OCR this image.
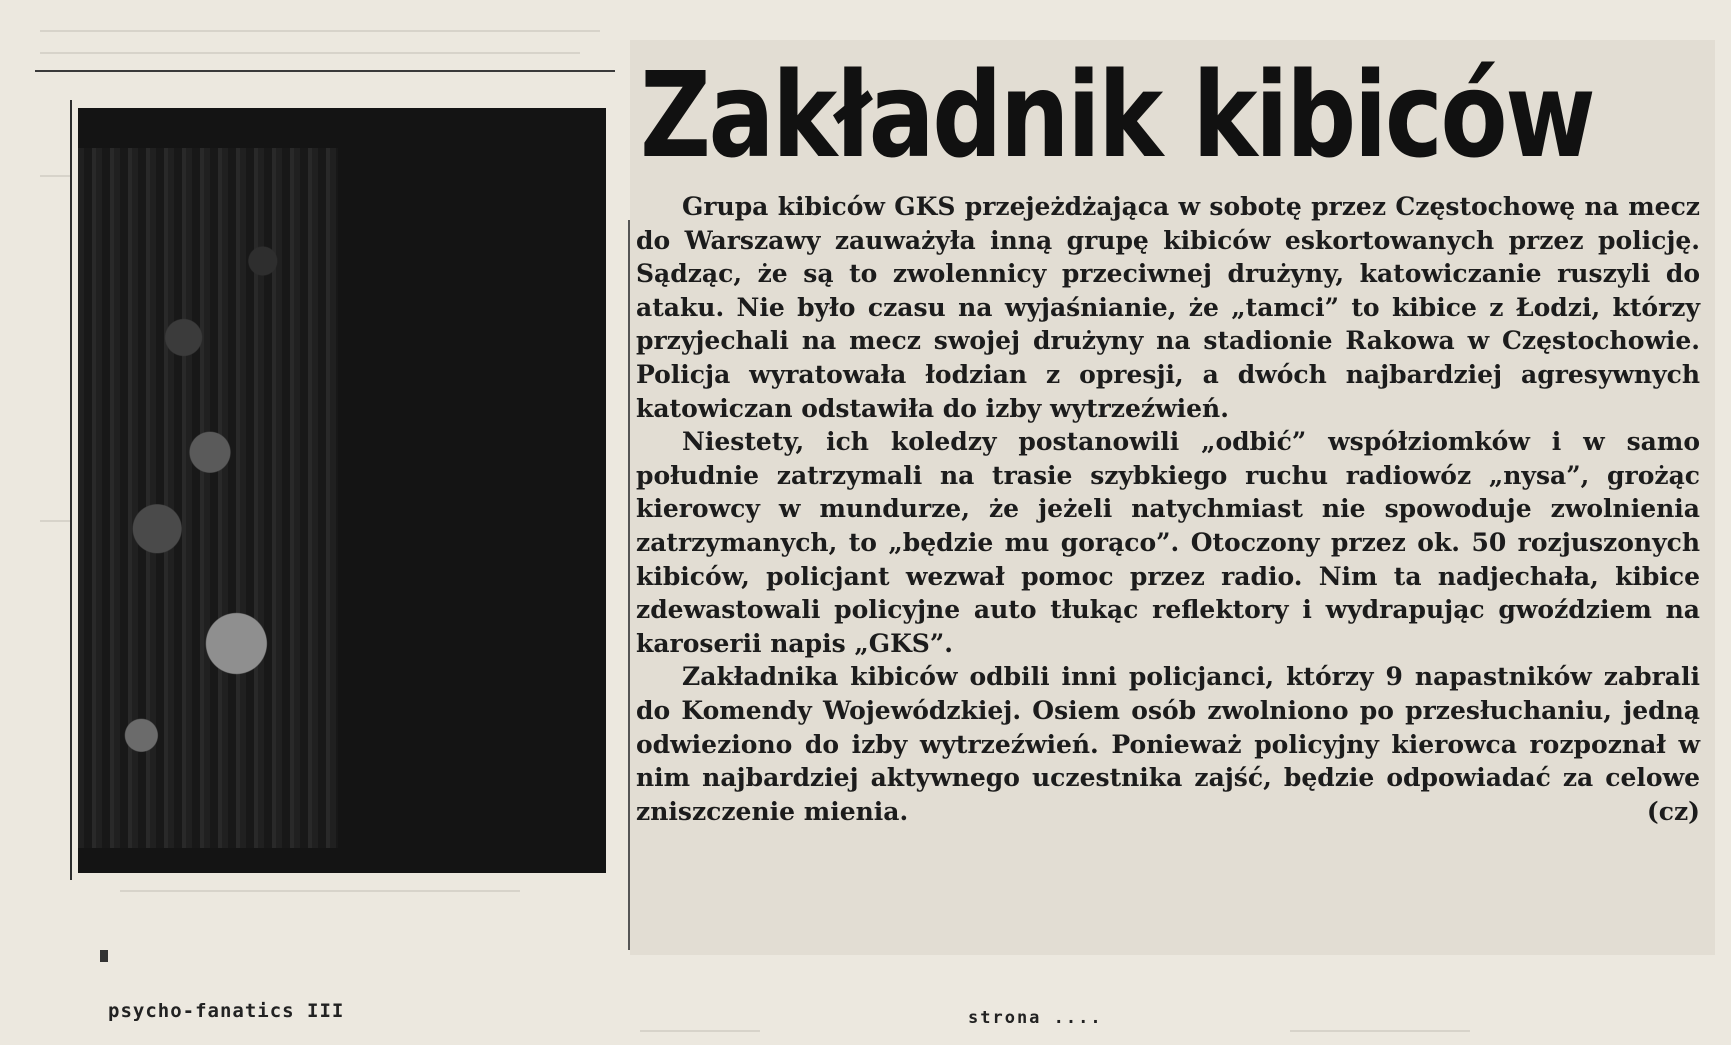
Zakładnik kibiców

Grupa kibiców GKS przejeżdżająca w sobotę przez Częstochowę na mecz do Warszawy zauważyła inną grupę kibiców eskortowanych przez policję. Sądząc, że są to zwolennicy przeciwnej drużyny, katowiczanie ruszyli do ataku. Nie było czasu na wyjaśnianie, że „tamci” to kibice z Łodzi, którzy przyjechali na mecz swojej drużyny na stadionie Rakowa w Częstochowie. Policja wyratowała łodzian z opresji, a dwóch najbardziej agresywnych katowiczan odstawiła do izby wytrzeźwień.

Niestety, ich koledzy postanowili „odbić” współziomków i w samo południe zatrzymali na trasie szybkiego ruchu radiowóz „nysa”, grożąc kierowcy w mundurze, że jeżeli natychmiast nie spowoduje zwolnienia zatrzymanych, to „będzie mu gorąco”. Otoczony przez ok. 50 rozjuszonych kibiców, policjant wezwał pomoc przez radio. Nim ta nadjechała, kibice zdewastowali policyjne auto tłukąc reflektory i wydrapując gwoździem na karoserii napis „GKS”.

Zakładnika kibiców odbili inni policjanci, którzy 9 napastników zabrali do Komendy Wojewódzkiej. Osiem osób zwolniono po przesłuchaniu, jedną odwieziono do izby wytrzeźwień. Ponieważ policyjny kierowca rozpoznał w nim najbardziej aktywnego uczestnika zajść, będzie odpowiadać za celowe zniszczenie mienia.	(cz)

psycho-fanatics III	strona ....
